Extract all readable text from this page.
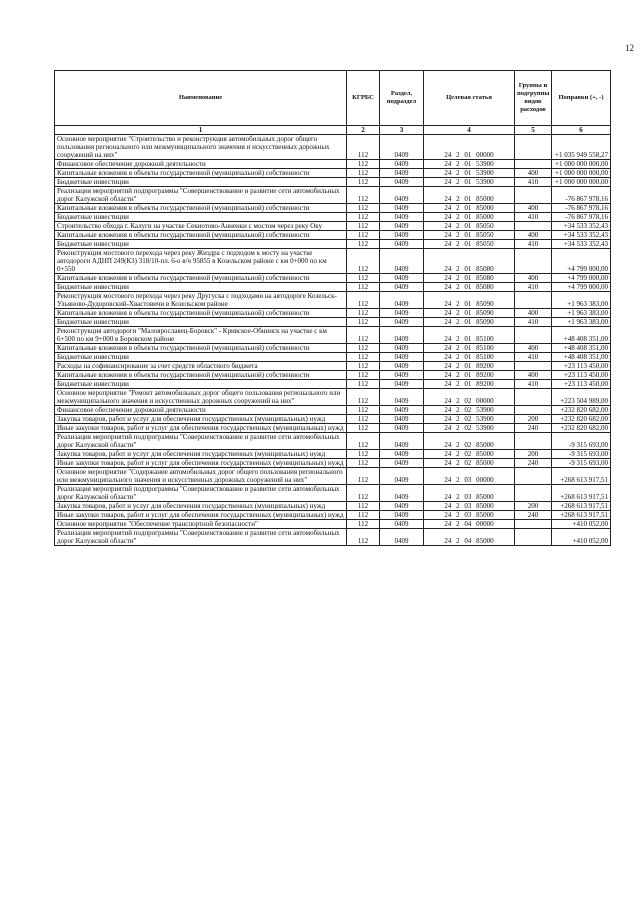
12
Наименование	КГРБС	Раздел, подраздел	Целевая статья	Группы и подгруппы видов расходов	Поправки (+, -)
1	2	3	4	5	6
Основное мероприятие "Строительство и реконструкция автомобильных дорог общего пользования регионального или межмуниципального значения и искусственных дорожных сооружений на них"	112	0409	24 2 01 00000		+1 035 949 558,27
Финансовое обеспечение дорожной деятельности	112	0409	24 2 01 53900		+1 000 000 000,00
Капитальные вложения в объекты государственной (муниципальной) собственности	112	0409	24 2 01 53900	400	+1 000 000 000,00
Бюджетные инвестиции	112	0409	24 2 01 53900	410	+1 000 000 000,00
Реализация мероприятий подпрограммы "Совершенствование и развитие сети автомобильных дорог Калужской области"	112	0409	24 2 01 85000		-76 867 978,16
Капитальные вложения в объекты государственной (муниципальной) собственности	112	0409	24 2 01 85000	400	-76 867 978,16
Бюджетные инвестиции	112	0409	24 2 01 85000	410	-76 867 978,16
Строительство обхода г. Калуги на участке Секиотово-Анненки с мостом через реку Оку	112	0409	24 2 01 85050		+34 533 352,43
Капитальные вложения в объекты государственной (муниципальной) собственности	112	0409	24 2 01 85050	400	+34 533 352,43
Бюджетные инвестиции	112	0409	24 2 01 85050	410	+34 533 352,43
Реконструкция мостового перехода через реку Жиздра с подходом к мосту на участке автодороги АДНП 249(К3) 318/10-пл. 6-о в/ч 95855 в Козельском районе с км 0+000 по км 0+550	112	0409	24 2 01 85080		+4 799 000,00
Капитальные вложения в объекты государственной (муниципальной) собственности	112	0409	24 2 01 85080	400	+4 799 000,00
Бюджетные инвестиции	112	0409	24 2 01 85080	410	+4 799 000,00
Реконструкция мостового перехода через реку Другуска с подходами на автодороге Козельск-Ульяново-Дудоровский-Хвастовичи в Козельском районе	112	0409	24 2 01 85090		+1 963 383,00
Капитальные вложения в объекты государственной (муниципальной) собственности	112	0409	24 2 01 85090	400	+1 963 383,00
Бюджетные инвестиции	112	0409	24 2 01 85090	410	+1 963 383,00
Реконструкция автодороги "Малоярославец-Боровск" - Кривское-Обнинск на участке с км 6+500 по км 9+000 в Боровском районе	112	0409	24 2 01 85100		+48 408 351,00
Капитальные вложения в объекты государственной (муниципальной) собственности	112	0409	24 2 01 85100	400	+48 408 351,00
Бюджетные инвестиции	112	0409	24 2 01 85100	410	+48 408 351,00
Расходы на софинансирование за счет средств областного бюджета	112	0409	24 2 01 89200		+23 113 450,00
Капитальные вложения в объекты государственной (муниципальной) собственности	112	0409	24 2 01 89200	400	+23 113 450,00
Бюджетные инвестиции	112	0409	24 2 01 89200	410	+23 113 450,00
Основное мероприятие "Ремонт автомобильных дорог общего пользования регионального или межмуниципального значения и искусственных дорожных сооружений на них"	112	0409	24 2 02 00000		+223 504 989,00
Финансовое обеспечение дорожной деятельности	112	0409	24 2 02 53900		+232 820 682,00
Закупка товаров, работ и услуг для обеспечения государственных (муниципальных) нужд	112	0409	24 2 02 53900	200	+232 820 682,00
Иные закупки товаров, работ и услуг для обеспечения государственных (муниципальных) нужд	112	0409	24 2 02 53900	240	+232 820 682,00
Реализация мероприятий подпрограммы "Совершенствование и развитие сети автомобильных дорог Калужской области"	112	0409	24 2 02 85000		-9 315 693,00
Закупка товаров, работ и услуг для обеспечения государственных (муниципальных) нужд	112	0409	24 2 02 85000	200	-9 315 693,00
Иные закупки товаров, работ и услуг для обеспечения государственных (муниципальных) нужд	112	0409	24 2 02 85000	240	-9 315 693,00
Основное мероприятие "Содержание автомобильных дорог общего пользования регионального или межмуниципального значения и искусственных дорожных сооружений на них"	112	0409	24 2 03 00000		+268 613 917,51
Реализация мероприятий подпрограммы "Совершенствование и развитие сети автомобильных дорог Калужской области"	112	0409	24 2 03 85000		+268 613 917,51
Закупка товаров, работ и услуг для обеспечения государственных (муниципальных) нужд	112	0409	24 2 03 85000	200	+268 613 917,51
Иные закупки товаров, работ и услуг для обеспечения государственных (муниципальных) нужд	112	0409	24 2 03 85000	240	+268 613 917,51
Основное мероприятие "Обеспечение транспортной безопасности"	112	0409	24 2 04 00000		+410 052,00
Реализация мероприятий подпрограммы "Совершенствование и развитие сети автомобильных дорог Калужской области"	112	0409	24 2 04 85000		+410 052,00
